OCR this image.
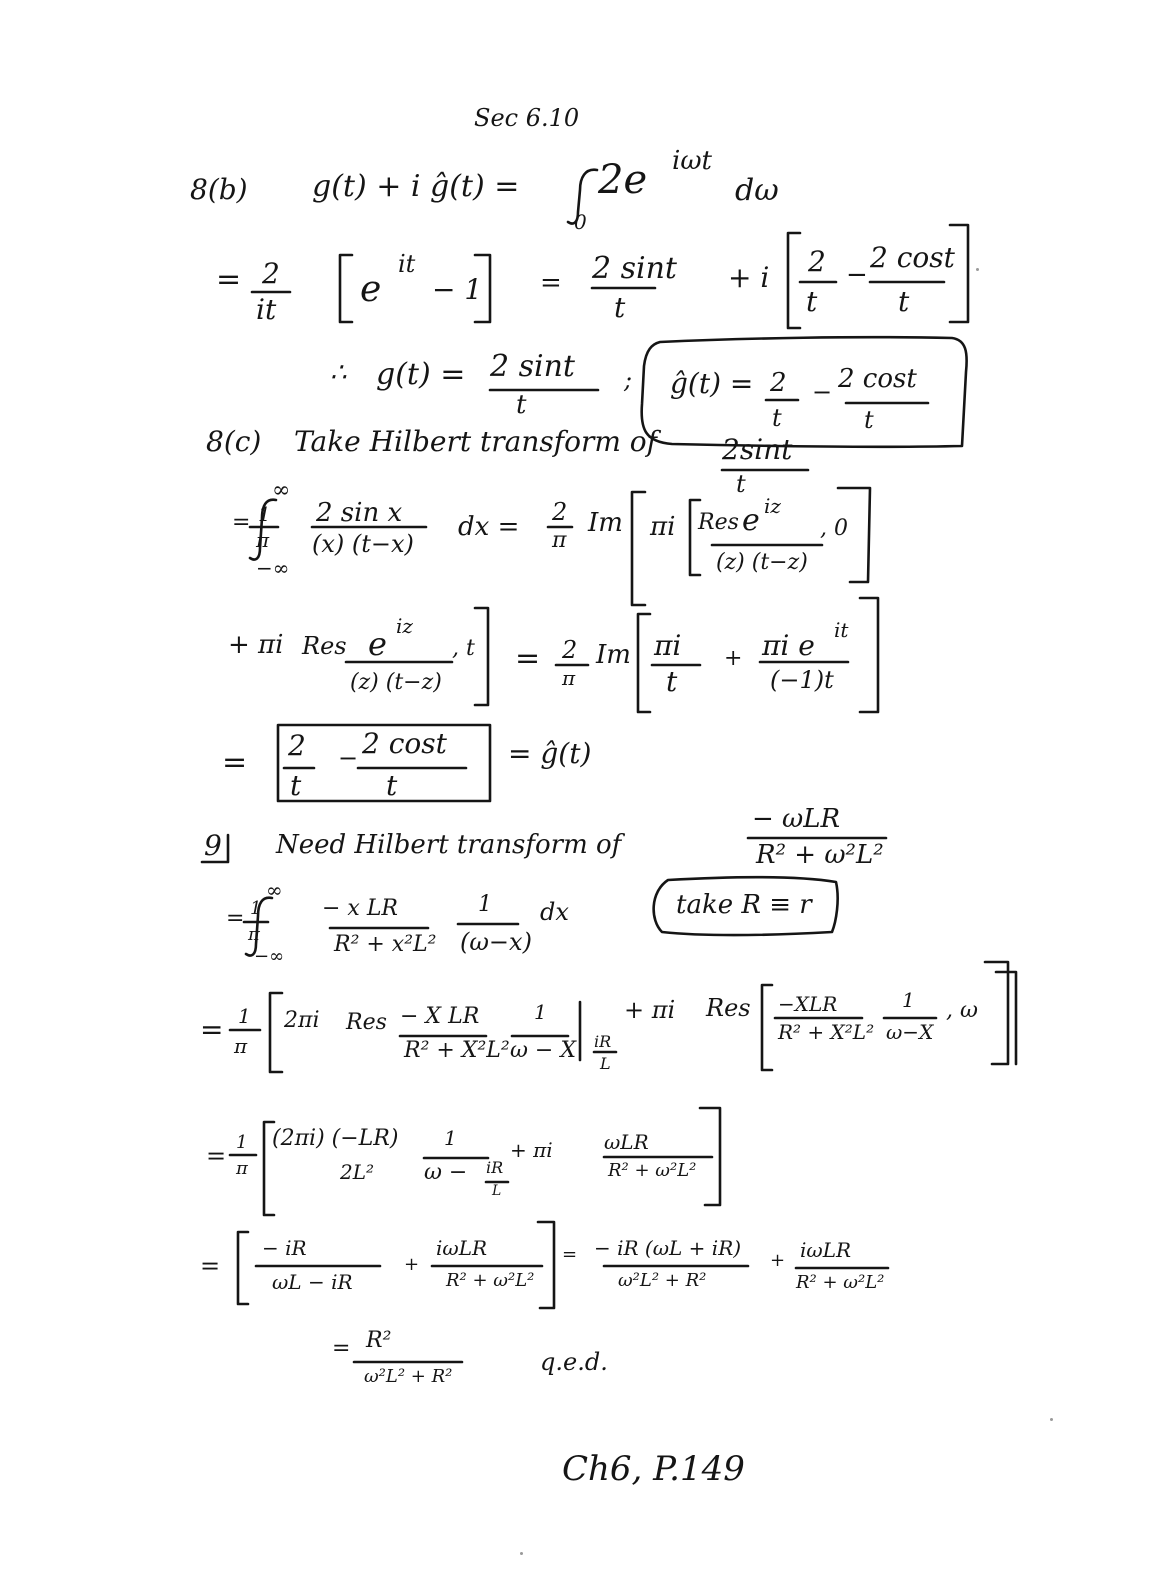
Sec 6.10
8(b) g(t) + i ĝ(t) = 2e iωt
dω
0
= 2
it e
it
− 1 = 2 sint
t
+ i 2
t
−
2 cost
t
∴ g(t) = 2 sint
t
; ĝ(t) = 2
t
− 2 cost
t
8(c) Take Hilbert transform of 2sint
t
= 1
π
∞
−∞
2 sin x
(x) (t−x)
dx = 2
π
Im πi Res e iz
(z) (t−z)
, 0
+ πi Res e iz
(z) (t−z)
, t = 2
π
Im πi
t
+ πi e it
(−1)t
= 2
t
− 2 cost
t
= ĝ(t)
9 Need Hilbert transform of
− ωLR
R² + ω²L²
= 1
π
∞
−∞
− x LR
R² + x²L²
1
(ω−x)
dx	take R ≡ r
= 1
π
2πi Res − X LR
R² + X²L²
1
ω − X iR
L
+ πi Res −XLR
R² + X²L²
1
ω−X
, ω
= 1
π
(2πi) (−LR)
2L²
1
ω − iR
L
+ πi	ωLR
R² + ω²L²
=
− iR
ωL − iR
+
iωLR
R² + ω²L²
= − iR (ωL + iR)
ω²L² + R²
+ iωLR
R² + ω²L²
= R²
ω²L² + R²
q.e.d.
Ch6, P.149
